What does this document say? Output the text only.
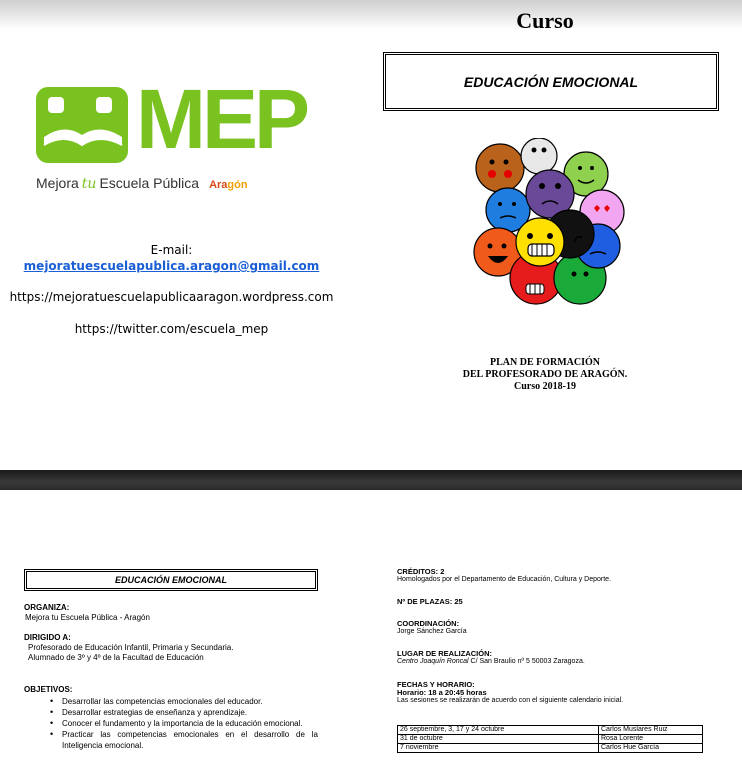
MEP
Mejora tu Escuela Pública Aragón
E-mail:
mejoratuescuelapublica.aragon@gmail.com
https://mejoratuescuelapublicaaragon.wordpress.com
https://twitter.com/escuela_mep
Curso
EDUCACIÓN EMOCIONAL
PLAN DE FORMACIÓN
DEL PROFESORADO DE ARAGÓN.
Curso 2018-19
EDUCACIÓN EMOCIONAL
ORGANIZA:
Mejora tu Escuela Pública - Aragón
DIRIGIDO A:
Profesorado de Educación Infantil, Primaria y Secundaria.
Alumnado de 3º y 4º de la Facultad de Educación
OBJETIVOS:
• Desarrollar las competencias emocionales del educador.
• Desarrollar estrategias de enseñanza y aprendizaje.
• Conocer el fundamento y la importancia de la educación emocional.
• Practicar las competencias emocionales en el desarrollo de la Inteligencia emocional.
CRÉDITOS: 2
Homologados por el Departamento de Educación, Cultura y Deporte.
Nº DE PLAZAS: 25
COORDINACIÓN:
Jorge Sánchez García
LUGAR DE REALIZACIÓN:
Centro Joaquín Roncal C/ San Braulio nº 5 50003 Zaragoza.
FECHAS Y HORARIO:
Horario: 18 a 20:45 horas
Las sesiones se realizarán de acuerdo con el siguiente calendario inicial.
26 septiembre, 3, 17 y 24 octubre	Carlos Muslares Ruiz
31 de octubre	Rosa Lorente
7 noviembre	Carlos Hue García
